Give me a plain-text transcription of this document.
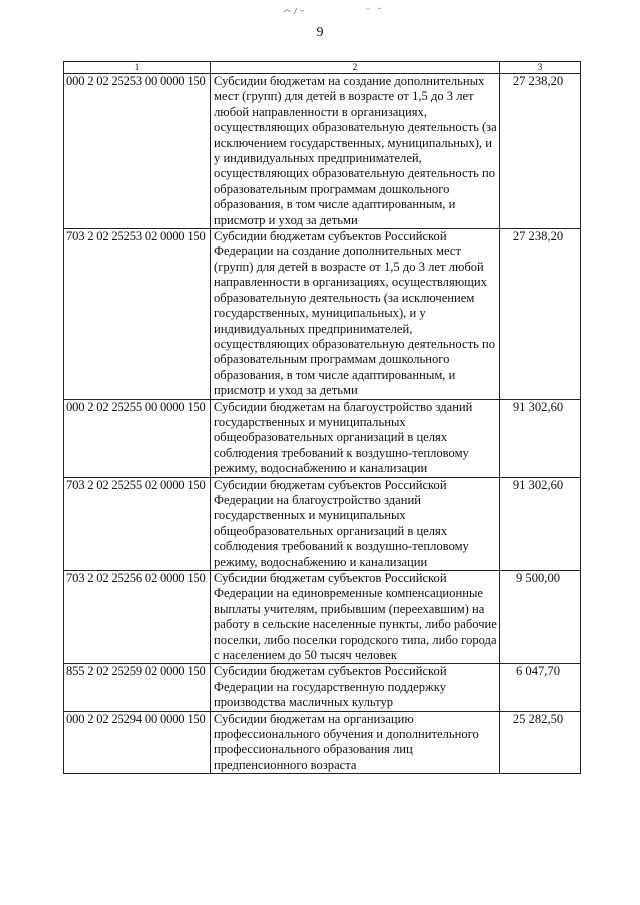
9
1	2	3
000 2 02 25253 00 0000 150	Субсидии бюджетам на создание дополнительных мест (групп) для детей в возрасте от 1,5 до 3 лет любой направленности в организациях, осуществляющих образовательную деятельность (за исключением государственных, муниципальных), и у индивидуальных предпринимателей, осуществляющих образовательную деятельность по образовательным программам дошкольного образования, в том числе адаптированным, и присмотр и уход за детьми	27 238,20
703 2 02 25253 02 0000 150	Субсидии бюджетам субъектов Российской Федерации на создание дополнительных мест (групп) для детей в возрасте от 1,5 до 3 лет любой направленности в организациях, осуществляющих образовательную деятельность (за исключением государственных, муниципальных), и у индивидуальных предпринимателей, осуществляющих образовательную деятельность по образовательным программам дошкольного образования, в том числе адаптированным, и присмотр и уход за детьми	27 238,20
000 2 02 25255 00 0000 150	Субсидии бюджетам на благоустройство зданий государственных и муниципальных общеобразовательных организаций в целях соблюдения требований к воздушно-тепловому режиму, водоснабжению и канализации	91 302,60
703 2 02 25255 02 0000 150	Субсидии бюджетам субъектов Российской Федерации на благоустройство зданий государственных и муниципальных общеобразовательных организаций в целях соблюдения требований к воздушно-тепловому режиму, водоснабжению и канализации	91 302,60
703 2 02 25256 02 0000 150	Субсидии бюджетам субъектов Российской Федерации на единовременные компенсационные выплаты учителям, прибывшим (переехавшим) на работу в сельские населенные пункты, либо рабочие поселки, либо поселки городского типа, либо города с населением до 50 тысяч человек	9 500,00
855 2 02 25259 02 0000 150	Субсидии бюджетам субъектов Российской Федерации на государственную поддержку производства масличных культур	6 047,70
000 2 02 25294 00 0000 150	Субсидии бюджетам на организацию профессионального обучения и дополнительного профессионального образования лиц предпенсионного возраста	25 282,50
